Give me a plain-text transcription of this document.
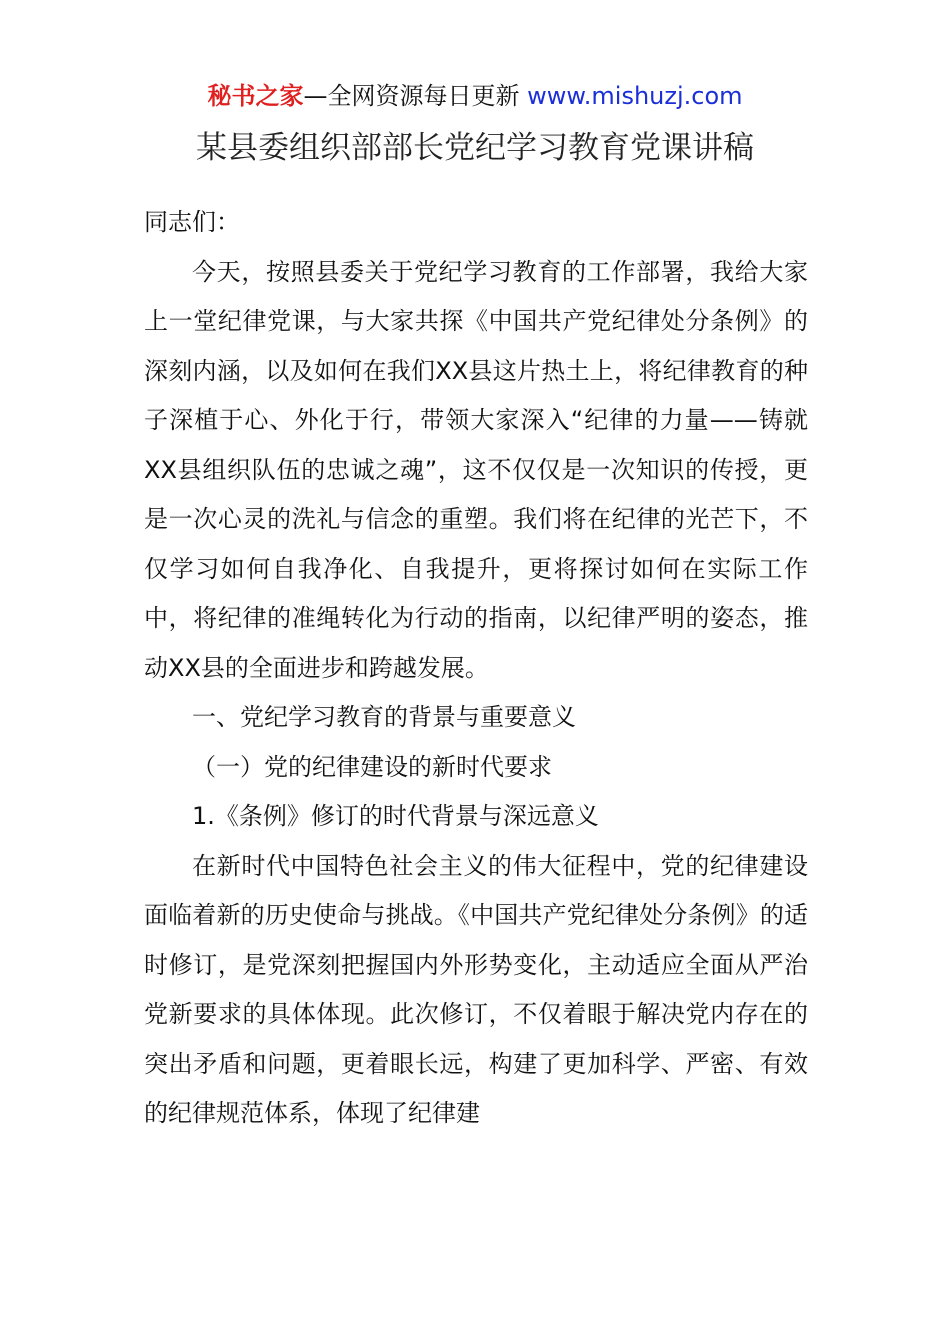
秘书之家—全网资源每日更新 www.mishuzj.com
某县委组织部部长党纪学习教育党课讲稿

同志们：

今天，按照县委关于党纪学习教育的工作部署，我给大家上一堂纪律党课，与大家共探《中国共产党纪律处分条例》的深刻内涵，以及如何在我们XX县这片热土上，将纪律教育的种子深植于心、外化于行，带领大家深入“纪律的力量——铸就XX县组织队伍的忠诚之魂”，这不仅仅是一次知识的传授，更是一次心灵的洗礼与信念的重塑。我们将在纪律的光芒下，不仅学习如何自我净化、自我提升，更将探讨如何在实际工作中，将纪律的准绳转化为行动的指南，以纪律严明的姿态，推动XX县的全面进步和跨越发展。

一、党纪学习教育的背景与重要意义

（一）党的纪律建设的新时代要求

1.《条例》修订的时代背景与深远意义

在新时代中国特色社会主义的伟大征程中，党的纪律建设面临着新的历史使命与挑战。《中国共产党纪律处分条例》的适时修订，是党深刻把握国内外形势变化，主动适应全面从严治党新要求的具体体现。此次修订，不仅着眼于解决党内存在的突出矛盾和问题，更着眼长远，构建了更加科学、严密、有效的纪律规范体系，体现了纪律建
